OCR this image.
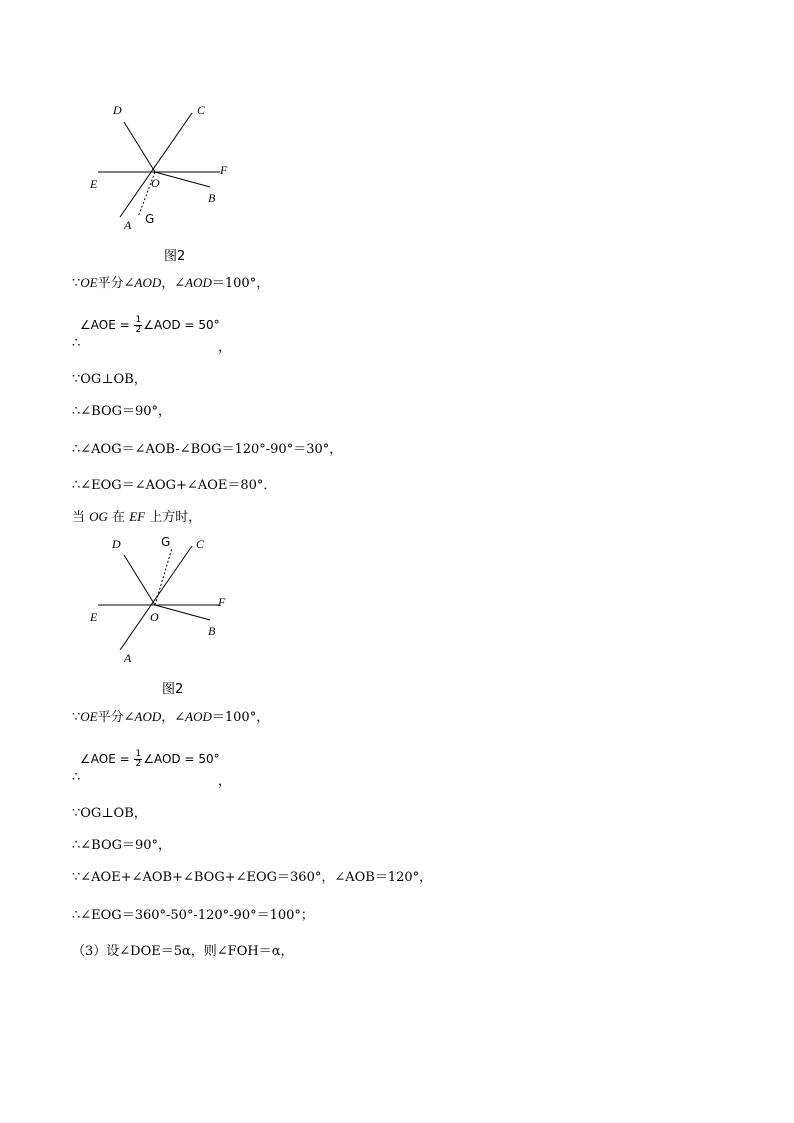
D	C
E
F
O
B
A G
图2
∵OE平分∠AOD，∠AOD＝100°，
∠AOE = $\frac{1}{2}$ ∠AOD = 50°
∴	，
∵OG⊥OB，
∴∠BOG＝90°，
∴∠AOG＝∠AOB-∠BOG＝120°-90°＝30°，
∴∠EOG＝∠AOG+∠AOE＝80°．
当 OG 在 EF 上方时，
D	G C
E
F
O
B
A
图2
∵OE平分∠AOD，∠AOD＝100°，
∠AOE = $\frac{1}{2}$ ∠AOD = 50°
∴	，
∵OG⊥OB，
∴∠BOG＝90°，
∵∠AOE+∠AOB+∠BOG+∠EOG＝360°，∠AOB＝120°，
∴∠EOG＝360°-50°-120°-90°＝100°；
（3）设∠DOE＝5α，则∠FOH＝α，
